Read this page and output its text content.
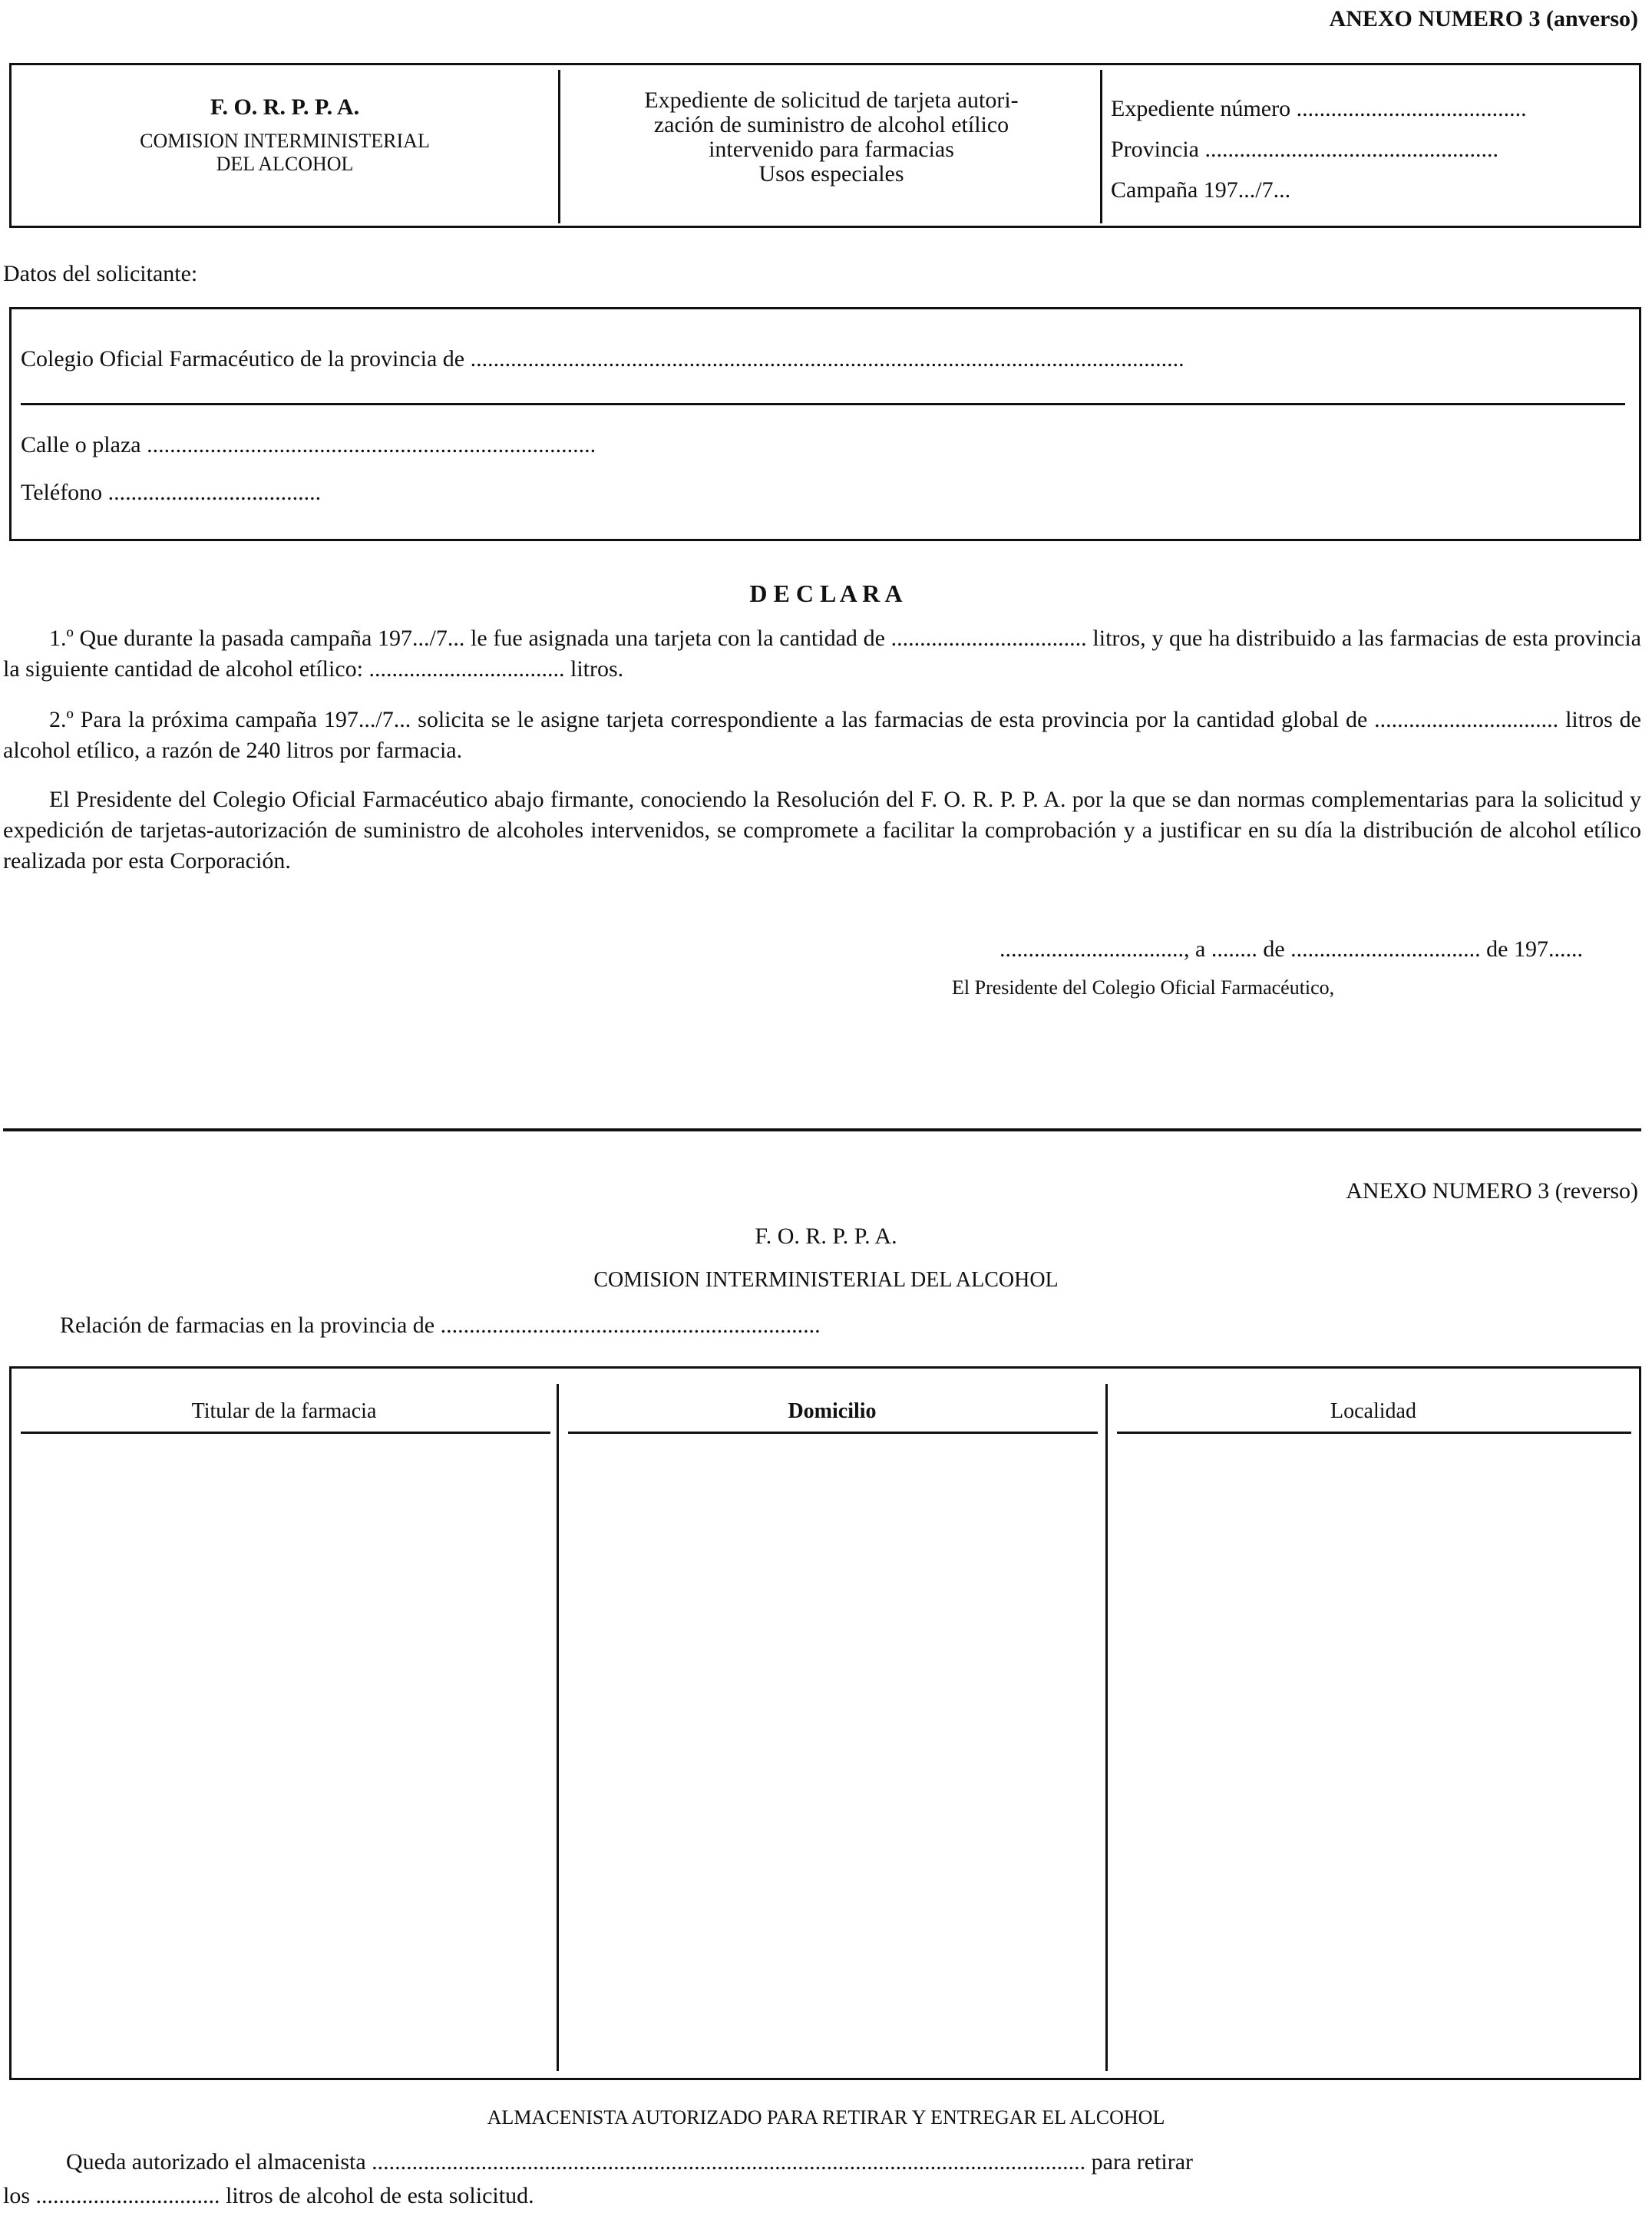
ANEXO NUMERO 3 (anverso)
F. O. R. P. P. A.
COMISION INTERMINISTERIAL
DEL ALCOHOL
Expediente de solicitud de tarjeta autori-
zación de suministro de alcohol etílico
intervenido para farmacias
Usos especiales
Expediente número ........................................
Provincia ...................................................
Campaña 197.../7...
Datos del solicitante:
Colegio Oficial Farmacéutico de la provincia de ............................................................................................................................
Calle o plaza ..............................................................................
Teléfono .....................................
D E C L A R A
1.º Que durante la pasada campaña 197.../7... le fue asignada una tarjeta con la cantidad de .................................. litros, y que ha distribuido a las farmacias de esta provincia la siguiente cantidad de alcohol etílico: .................................. litros.
2.º Para la próxima campaña 197.../7... solicita se le asigne tarjeta correspondiente a las farmacias de esta provincia por la cantidad global de ................................ litros de alcohol etílico, a razón de 240 litros por farmacia.
El Presidente del Colegio Oficial Farmacéutico abajo firmante, conociendo la Resolución del F. O. R. P. P. A. por la que se dan normas complementarias para la solicitud y expedición de tarjetas-autorización de suministro de alcoholes intervenidos, se compromete a facilitar la comprobación y a justificar en su día la distribución de alcohol etílico realizada por esta Corporación.
................................, a ........ de ................................. de 197......
El Presidente del Colegio Oficial Farmacéutico,
ANEXO NUMERO 3 (reverso)
F. O. R. P. P. A.
COMISION INTERMINISTERIAL DEL ALCOHOL
Relación de farmacias en la provincia de ..................................................................
Titular de la farmacia	Domicilio	Localidad
ALMACENISTA AUTORIZADO PARA RETIRAR Y ENTREGAR EL ALCOHOL
Queda autorizado el almacenista ............................................................................................................................ para retirar
los ................................ litros de alcohol de esta solicitud.
